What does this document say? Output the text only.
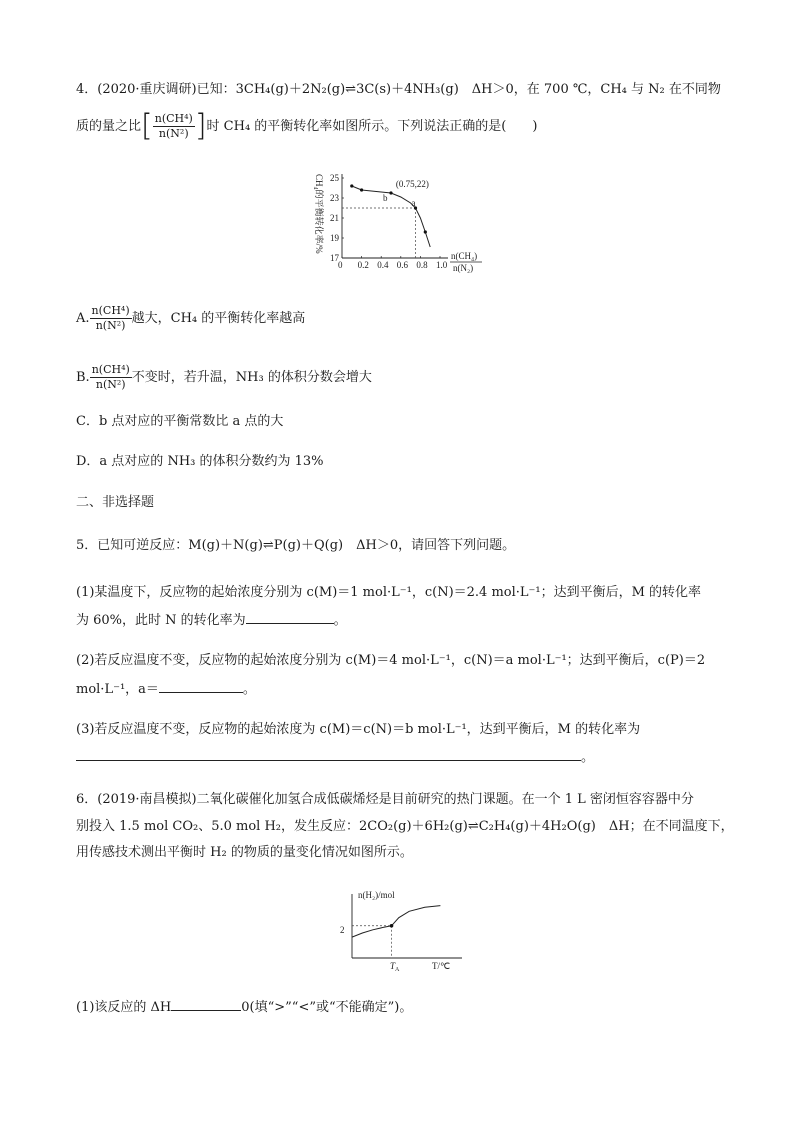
4．(2020·重庆调研)已知：3CH₄(g)＋2N₂(g)⇌3C(s)＋4NH₃(g)　ΔH＞0，在 700 ℃，CH₄ 与 N₂ 在不同物
质的量之比[ $\frac{\text{n(CH⁴)}}{\text{n(N²)}}$ ]时 CH₄ 的平衡转化率如图所示。下列说法正确的是(　　)
CH₄的平衡转化率/%
0 0.2 0.4 0.6 0.8 1.0
17
19
21
23
25
b	a
(0.75,22)
n(CH₄)
n(N₂)
A. $\frac{\text{n(CH⁴)}}{\text{n(N²)}}$ 越大，CH₄ 的平衡转化率越高
B. $\frac{\text{n(CH⁴)}}{\text{n(N²)}}$ 不变时，若升温，NH₃ 的体积分数会增大
C．b 点对应的平衡常数比 a 点的大
D．a 点对应的 NH₃ 的体积分数约为 13%
二、非选择题
5．已知可逆反应：M(g)＋N(g)⇌P(g)＋Q(g)　ΔH＞0，请回答下列问题。
(1)某温度下，反应物的起始浓度分别为 c(M)＝1 mol·L⁻¹，c(N)＝2.4 mol·L⁻¹；达到平衡后，M 的转化率
为 60%，此时 N 的转化率为	。
(2)若反应温度不变，反应物的起始浓度分别为 c(M)＝4 mol·L⁻¹，c(N)＝a mol·L⁻¹；达到平衡后，c(P)＝2
mol·L⁻¹，a＝	。
(3)若反应温度不变，反应物的起始浓度为 c(M)＝c(N)＝b mol·L⁻¹，达到平衡后，M 的转化率为
。
6．(2019·南昌模拟)二氧化碳催化加氢合成低碳烯烃是目前研究的热门课题。在一个 1 L 密闭恒容容器中分
别投入 1.5 mol CO₂、5.0 mol H₂，发生反应：2CO₂(g)＋6H₂(g)⇌C₂H₄(g)＋4H₂O(g)　ΔH；在不同温度下，
用传感技术测出平衡时 H₂ 的物质的量变化情况如图所示。
n(H₂)/mol
T/℃
2
$T_A$
(1)该反应的 ΔH	0(填“>”“<”或“不能确定”)。
